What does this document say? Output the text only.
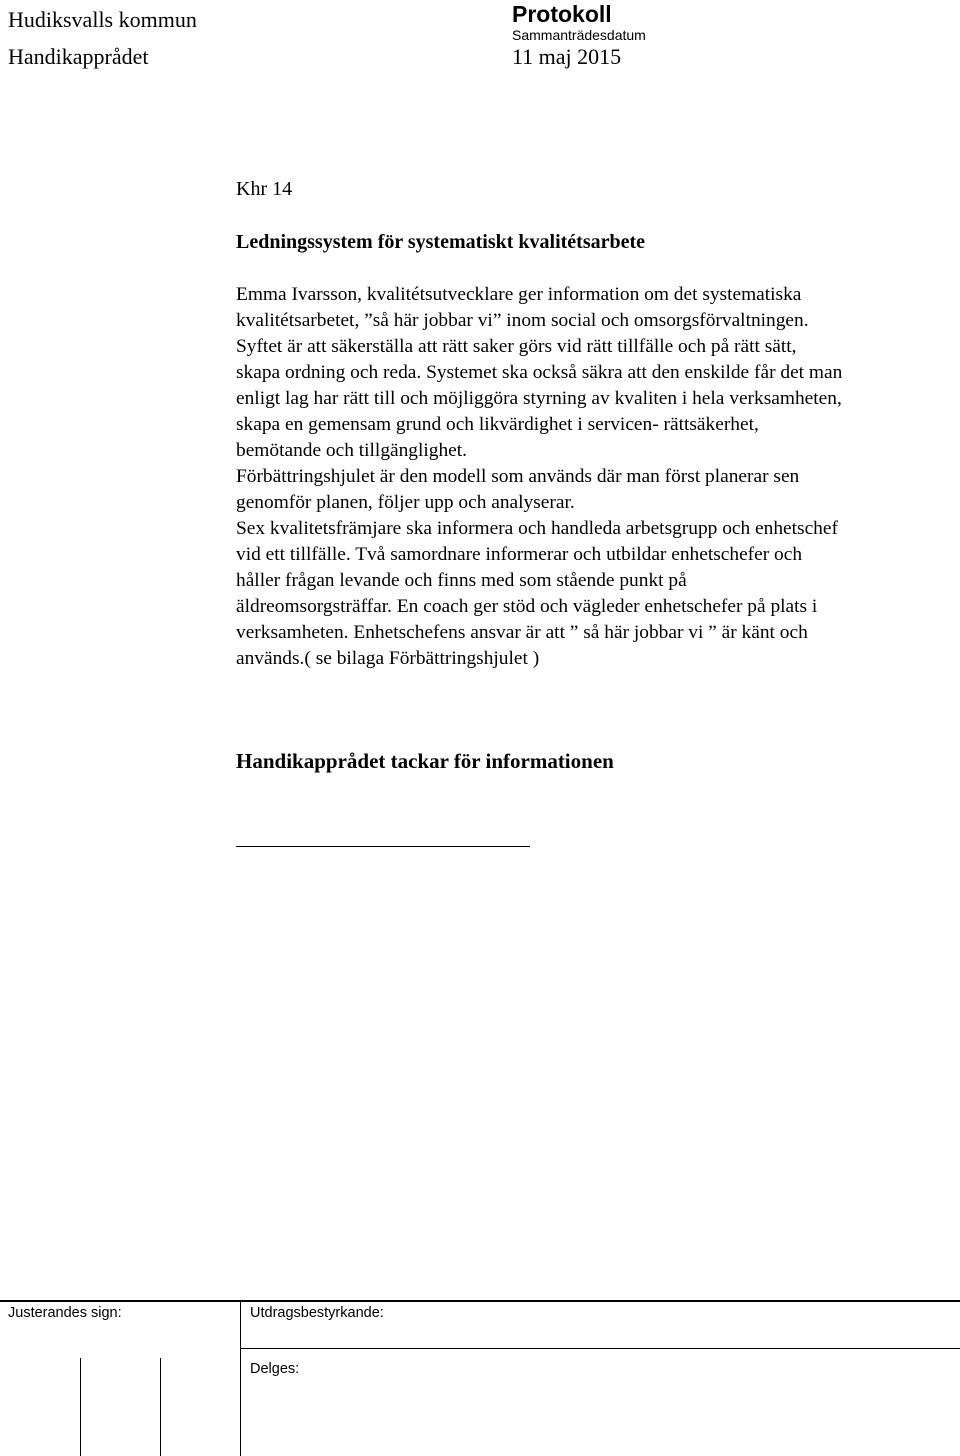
Hudiksvalls kommun
Handikapprådet
Protokoll
Sammanträdesdatum
11 maj 2015
Khr 14
Ledningssystem för systematiskt kvalitétsarbete
Emma Ivarsson, kvalitétsutvecklare ger information om det systematiska
kvalitétsarbetet, ”så här jobbar vi” inom social och omsorgsförvaltningen.
Syftet är att säkerställa att rätt saker görs vid rätt tillfälle och på rätt sätt,
skapa ordning och reda. Systemet ska också säkra att den enskilde får det man
enligt lag har rätt till och möjliggöra styrning av kvaliten i hela verksamheten,
skapa en gemensam grund och likvärdighet i servicen- rättsäkerhet,
bemötande och tillgänglighet.
Förbättringshjulet är den modell som används där man först planerar sen
genomför planen, följer upp och analyserar.
Sex kvalitetsfrämjare ska informera och handleda arbetsgrupp och enhetschef
vid ett tillfälle. Två samordnare informerar och utbildar enhetschefer och
håller frågan levande och finns med som stående punkt på
äldreomsorgsträffar. En coach ger stöd och vägleder enhetschefer på plats i
verksamheten. Enhetschefens ansvar är att ” så här jobbar vi ” är känt och
används.( se bilaga Förbättringshjulet )
Handikapprådet tackar för informationen
Justerandes sign:	Utdragsbestyrkande:
Delges:
